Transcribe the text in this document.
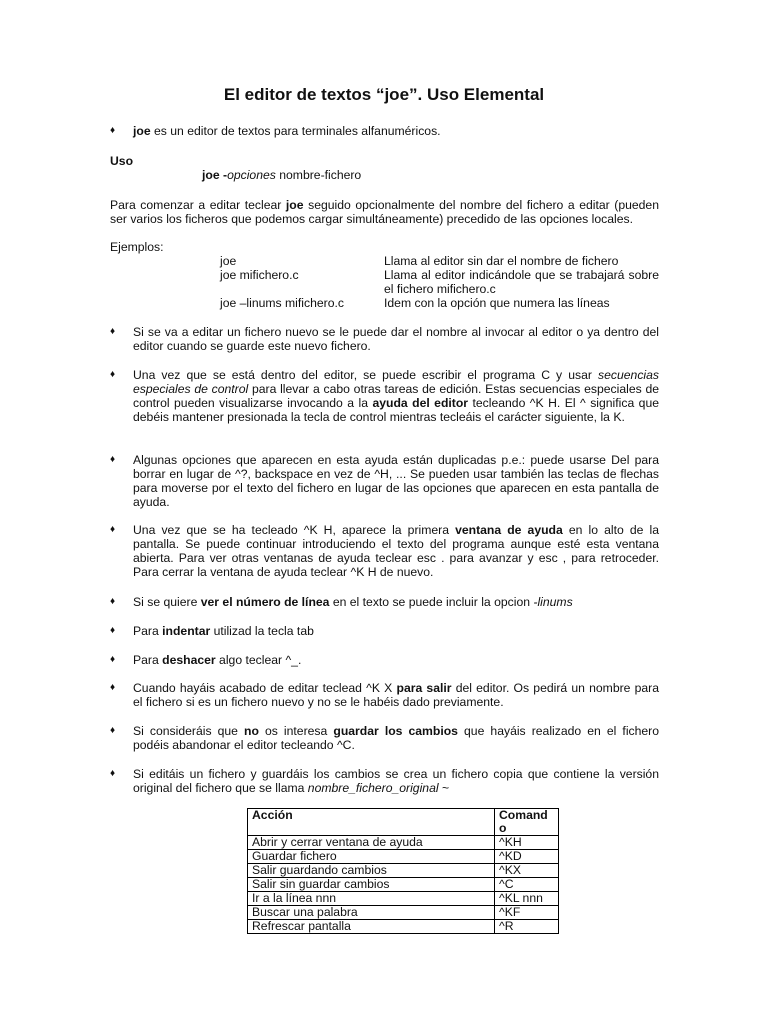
El editor de textos “joe”. Uso Elemental
♦ joe es un editor de textos para terminales alfanuméricos.
Uso
joe -opciones nombre-fichero
Para comenzar a editar teclear joe seguido opcionalmente del nombre del fichero a editar (pueden ser varios los ficheros que podemos cargar simultáneamente) precedido de las opciones locales.
Ejemplos:
joe	Llama al editor sin dar el nombre de fichero
joe mifichero.c	Llama al editor indicándole que se trabajará sobre el fichero mifichero.c
joe –linums mifichero.c	Idem con la opción que numera las líneas
♦ Si se va a editar un fichero nuevo se le puede dar el nombre al invocar al editor o ya dentro del editor cuando se guarde este nuevo fichero.
♦ Una vez que se está dentro del editor, se puede escribir el programa C y usar secuencias especiales de control para llevar a cabo otras tareas de edición. Estas secuencias especiales de control pueden visualizarse invocando a la ayuda del editor tecleando ^K H. El ^ significa que debéis mantener presionada la tecla de control mientras tecleáis el carácter siguiente, la K.
♦ Algunas opciones que aparecen en esta ayuda están duplicadas p.e.: puede usarse Del para borrar en lugar de ^?, backspace en vez de ^H, ... Se pueden usar también las teclas de flechas para moverse por el texto del fichero en lugar de las opciones que aparecen en esta pantalla de ayuda.
♦ Una vez que se ha tecleado ^K H, aparece la primera ventana de ayuda en lo alto de la pantalla. Se puede continuar introduciendo el texto del programa aunque esté esta ventana abierta. Para ver otras ventanas de ayuda teclear esc . para avanzar y esc , para retroceder. Para cerrar la ventana de ayuda teclear ^K H de nuevo.
♦ Si se quiere ver el número de línea en el texto se puede incluir la opcion -linums
♦ Para indentar utilizad la tecla tab
♦ Para deshacer algo teclear ^_.
♦ Cuando hayáis acabado de editar teclead ^K X para salir del editor. Os pedirá un nombre para el fichero si es un fichero nuevo y no se le habéis dado previamente.
♦ Si consideráis que no os interesa guardar los cambios que hayáis realizado en el fichero podéis abandonar el editor tecleando ^C.
♦ Si editáis un fichero y guardáis los cambios se crea un fichero copia que contiene la versión original del fichero que se llama nombre_fichero_original ~
Acción	Comand
o
Abrir y cerrar ventana de ayuda	^KH
Guardar fichero	^KD
Salir guardando cambios	^KX
Salir sin guardar cambios	^C
Ir a la línea nnn	^KL nnn
Buscar una palabra	^KF
Refrescar pantalla	^R
